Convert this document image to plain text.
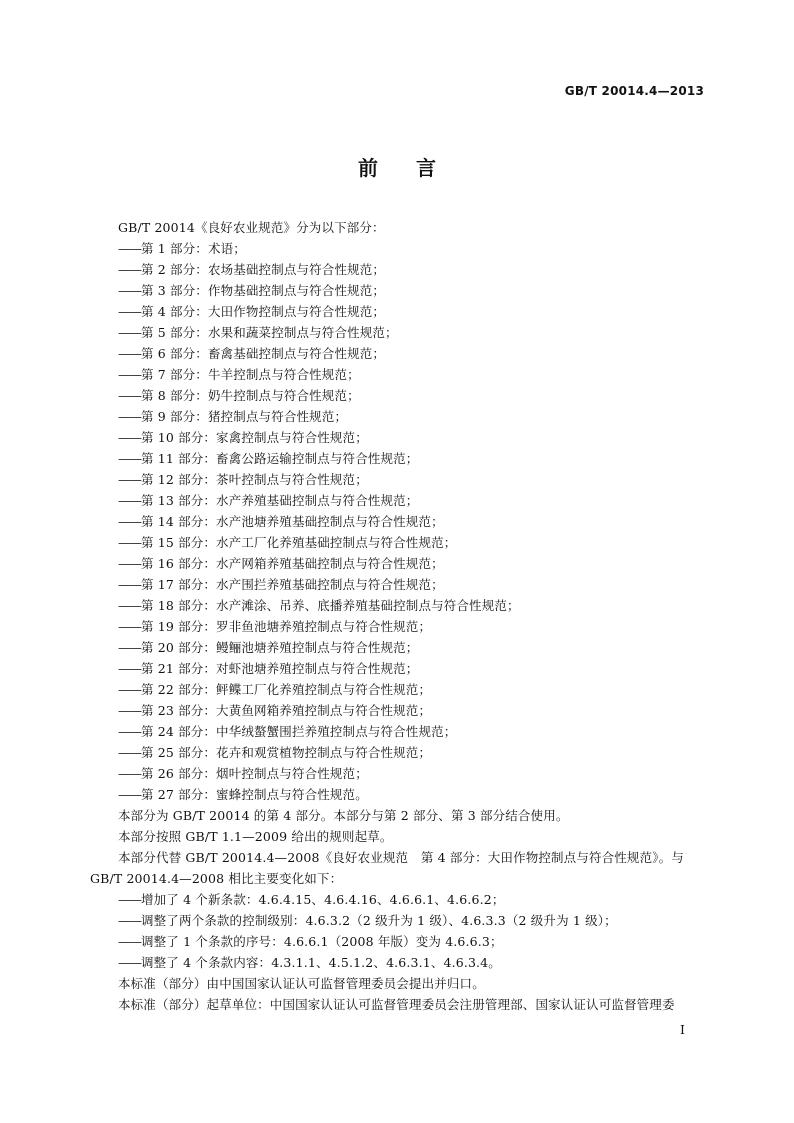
GB/T 20014.4—2013
前 言
GB/T 20014《良好农业规范》分为以下部分：
——第 1 部分：术语；
——第 2 部分：农场基础控制点与符合性规范；
——第 3 部分：作物基础控制点与符合性规范；
——第 4 部分：大田作物控制点与符合性规范；
——第 5 部分：水果和蔬菜控制点与符合性规范；
——第 6 部分：畜禽基础控制点与符合性规范；
——第 7 部分：牛羊控制点与符合性规范；
——第 8 部分：奶牛控制点与符合性规范；
——第 9 部分：猪控制点与符合性规范；
——第 10 部分：家禽控制点与符合性规范；
——第 11 部分：畜禽公路运输控制点与符合性规范；
——第 12 部分：茶叶控制点与符合性规范；
——第 13 部分：水产养殖基础控制点与符合性规范；
——第 14 部分：水产池塘养殖基础控制点与符合性规范；
——第 15 部分：水产工厂化养殖基础控制点与符合性规范；
——第 16 部分：水产网箱养殖基础控制点与符合性规范；
——第 17 部分：水产围拦养殖基础控制点与符合性规范；
——第 18 部分：水产滩涂、吊养、底播养殖基础控制点与符合性规范；
——第 19 部分：罗非鱼池塘养殖控制点与符合性规范；
——第 20 部分：鳗鲡池塘养殖控制点与符合性规范；
——第 21 部分：对虾池塘养殖控制点与符合性规范；
——第 22 部分：鲆鲽工厂化养殖控制点与符合性规范；
——第 23 部分：大黄鱼网箱养殖控制点与符合性规范；
——第 24 部分：中华绒螯蟹围拦养殖控制点与符合性规范；
——第 25 部分：花卉和观赏植物控制点与符合性规范；
——第 26 部分：烟叶控制点与符合性规范；
——第 27 部分：蜜蜂控制点与符合性规范。
本部分为 GB/T 20014 的第 4 部分。本部分与第 2 部分、第 3 部分结合使用。
本部分按照 GB/T 1.1—2009 给出的规则起草。
本部分代替 GB/T 20014.4—2008《良好农业规范　第 4 部分：大田作物控制点与符合性规范》。与
GB/T 20014.4—2008 相比主要变化如下：
——增加了 4 个新条款：4.6.4.15、4.6.4.16、4.6.6.1、4.6.6.2；
——调整了两个条款的控制级别：4.6.3.2（2 级升为 1 级）、4.6.3.3（2 级升为 1 级）；
——调整了 1 个条款的序号：4.6.6.1（2008 年版）变为 4.6.6.3；
——调整了 4 个条款内容：4.3.1.1、4.5.1.2、4.6.3.1、4.6.3.4。
本标准（部分）由中国国家认证认可监督管理委员会提出并归口。
本标准（部分）起草单位：中国国家认证认可监督管理委员会注册管理部、国家认证认可监督管理委
I
